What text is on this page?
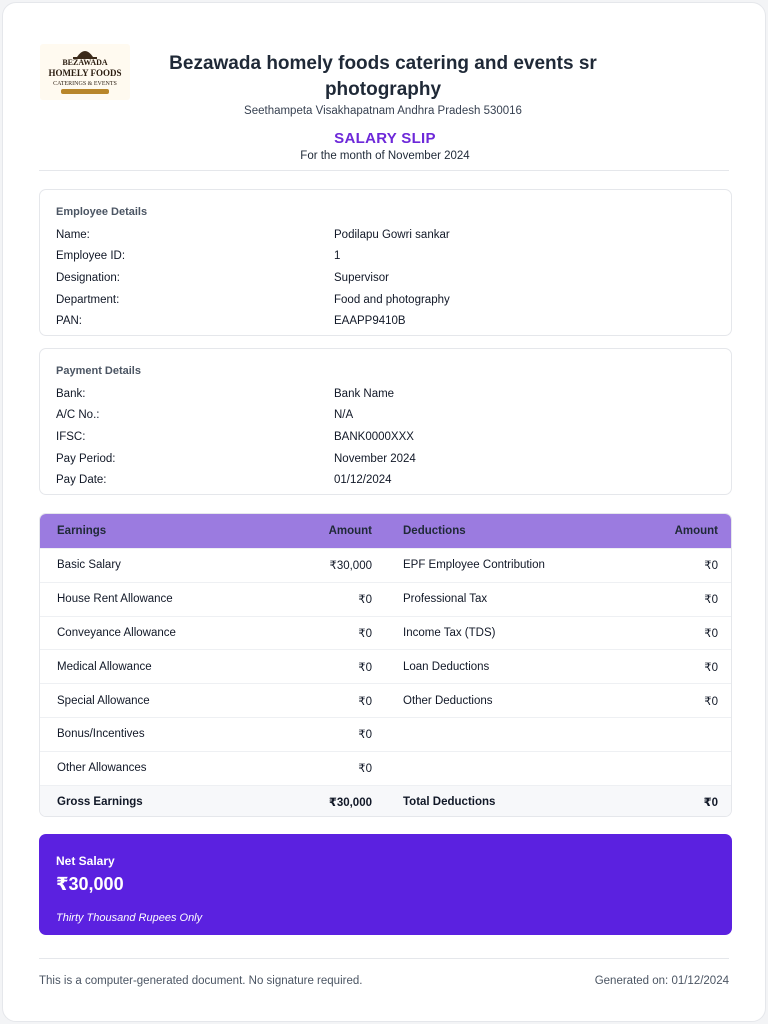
BEZAWADA
HOMELY FOODS
CATERINGS & EVENTS
Bezawada homely foods catering and events sr photography
Seethampeta Visakhapatnam Andhra Pradesh 530016
SALARY SLIP
For the month of November 2024
Employee Details
Name:	Podilapu Gowri sankar
Employee ID:	1
Designation:	Supervisor
Department:	Food and photography
PAN:	EAAPP9410B
Payment Details
Bank:	Bank Name
A/C No.:	N/A
IFSC:	BANK0000XXX
Pay Period:	November 2024
Pay Date:	01/12/2024
Earnings	Amount	Deductions	Amount
Basic Salary	₹30,000	EPF Employee Contribution	₹0
House Rent Allowance	₹0	Professional Tax	₹0
Conveyance Allowance	₹0	Income Tax (TDS)	₹0
Medical Allowance	₹0	Loan Deductions	₹0
Special Allowance	₹0	Other Deductions	₹0
Bonus/Incentives	₹0
Other Allowances	₹0
Gross Earnings	₹30,000	Total Deductions	₹0
Net Salary
₹30,000
Thirty Thousand Rupees Only
This is a computer-generated document. No signature required.	Generated on: 01/12/2024
